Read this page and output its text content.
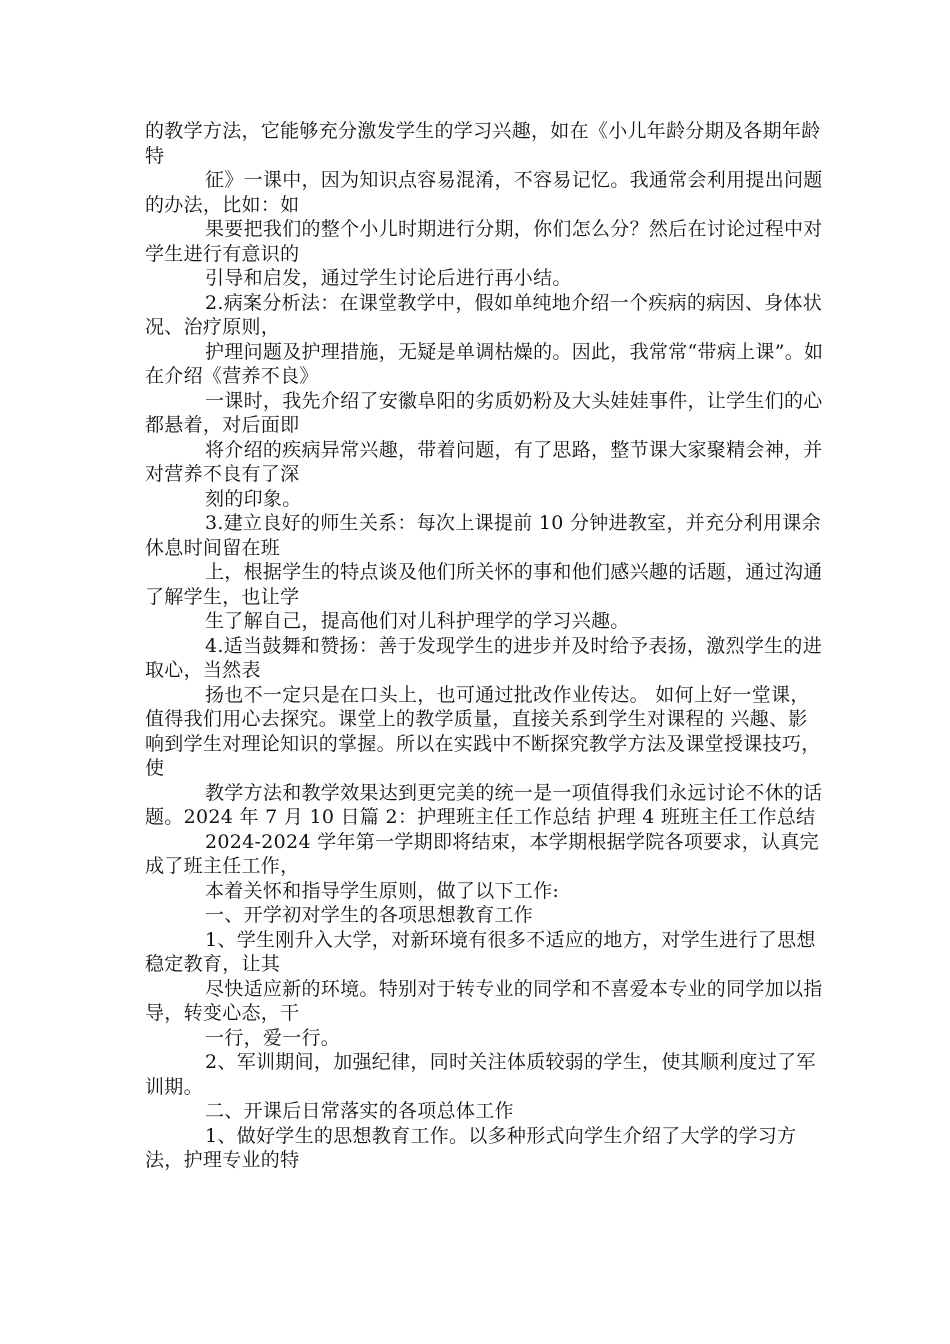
的教学方法，它能够充分激发学生的学习兴趣，如在《小儿年龄分期及各期年龄特

征》一课中，因为知识点容易混淆，不容易记忆。我通常会利用提出问题的办法，比如：如

果要把我们的整个小儿时期进行分期，你们怎么分？然后在讨论过程中对学生进行有意识的

引导和启发，通过学生讨论后进行再小结。

2.病案分析法：在课堂教学中，假如单纯地介绍一个疾病的病因、身体状况、治疗原则，

护理问题及护理措施，无疑是单调枯燥的。因此，我常常“带病上课”。如在介绍《营养不良》

一课时，我先介绍了安徽阜阳的劣质奶粉及大头娃娃事件，让学生们的心都悬着，对后面即

将介绍的疾病异常兴趣，带着问题，有了思路，整节课大家聚精会神，并对营养不良有了深

刻的印象。

3.建立良好的师生关系：每次上课提前 10 分钟进教室，并充分利用课余休息时间留在班

上，根据学生的特点谈及他们所关怀的事和他们感兴趣的话题，通过沟通了解学生，也让学

生了解自己，提高他们对儿科护理学的学习兴趣。

4.适当鼓舞和赞扬：善于发现学生的进步并及时给予表扬，激烈学生的进取心，当然表

扬也不一定只是在口头上，也可通过批改作业传达。 如何上好一堂课，值得我们用心去探究。课堂上的教学质量，直接关系到学生对课程的 兴趣、影响到学生对理论知识的掌握。所以在实践中不断探究教学方法及课堂授课技巧，使

教学方法和教学效果达到更完美的统一是一项值得我们永远讨论不休的话题。2024 年 7 月 10 日篇 2：护理班主任工作总结 护理 4 班班主任工作总结

2024-2024 学年第一学期即将结束，本学期根据学院各项要求，认真完成了班主任工作，

本着关怀和指导学生原则，做了以下工作:

一、开学初对学生的各项思想教育工作

1、学生刚升入大学，对新环境有很多不适应的地方，对学生进行了思想稳定教育，让其

尽快适应新的环境。特别对于转专业的同学和不喜爱本专业的同学加以指导，转变心态，干

一行，爱一行。

2、军训期间，加强纪律，同时关注体质较弱的学生，使其顺利度过了军训期。

二、开课后日常落实的各项总体工作

1、做好学生的思想教育工作。以多种形式向学生介绍了大学的学习方法，护理专业的特
